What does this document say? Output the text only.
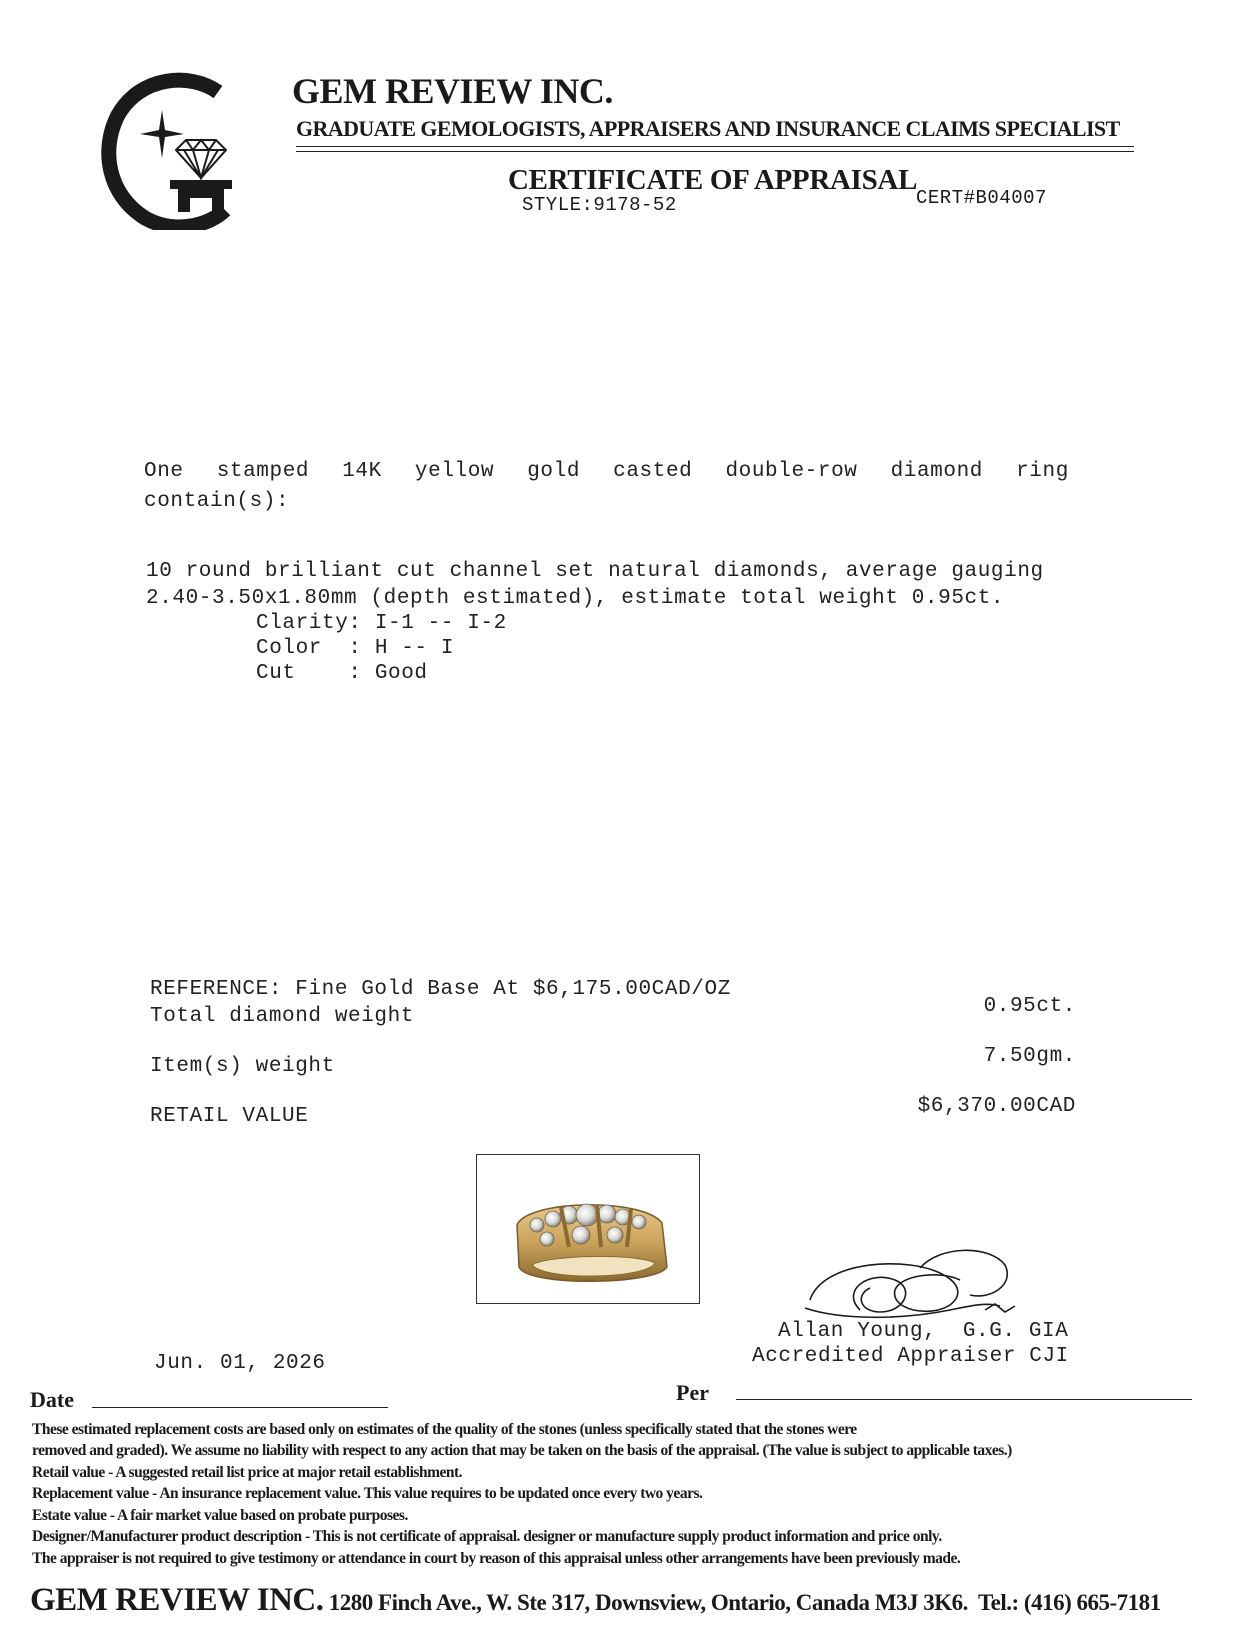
GEM REVIEW INC.
GRADUATE GEMOLOGISTS, APPRAISERS AND INSURANCE CLAIMS SPECIALIST
CERTIFICATE OF APPRAISAL
STYLE:9178-52	CERT#B04007
One stamped 14K yellow gold casted double-row diamond ring
contain(s):
10 round brilliant cut channel set natural diamonds, average gauging
2.40-3.50x1.80mm (depth estimated), estimate total weight 0.95ct.
Clarity: I-1 -- I-2
Color  : H -- I
Cut    : Good
REFERENCE: Fine Gold Base At $6,175.00CAD/OZ
Total diamond weight	0.95ct.
Item(s) weight	7.50gm.
RETAIL VALUE	$6,370.00CAD
Allan Young,  G.G. GIA
Accredited Appraiser CJI
Jun. 01, 2026
Date	Per
These estimated replacement costs are based only on estimates of the quality of the stones (unless specifically stated that the stones were
removed and graded). We assume no liability with respect to any action that may be taken on the basis of the appraisal. (The value is subject to applicable taxes.)
Retail value - A suggested retail list price at major retail establishment.
Replacement value - An insurance replacement value. This value requires to be updated once every two years.
Estate value - A fair market value based on probate purposes.
Designer/Manufacturer product description - This is not certificate of appraisal. designer or manufacture supply product information and price only.
The appraiser is not required to give testimony or attendance in court by reason of this appraisal unless other arrangements have been previously made.
GEM REVIEW INC. 1280 Finch Ave., W. Ste 317, Downsview, Ontario, Canada M3J 3K6.  Tel.: (416) 665-7181
